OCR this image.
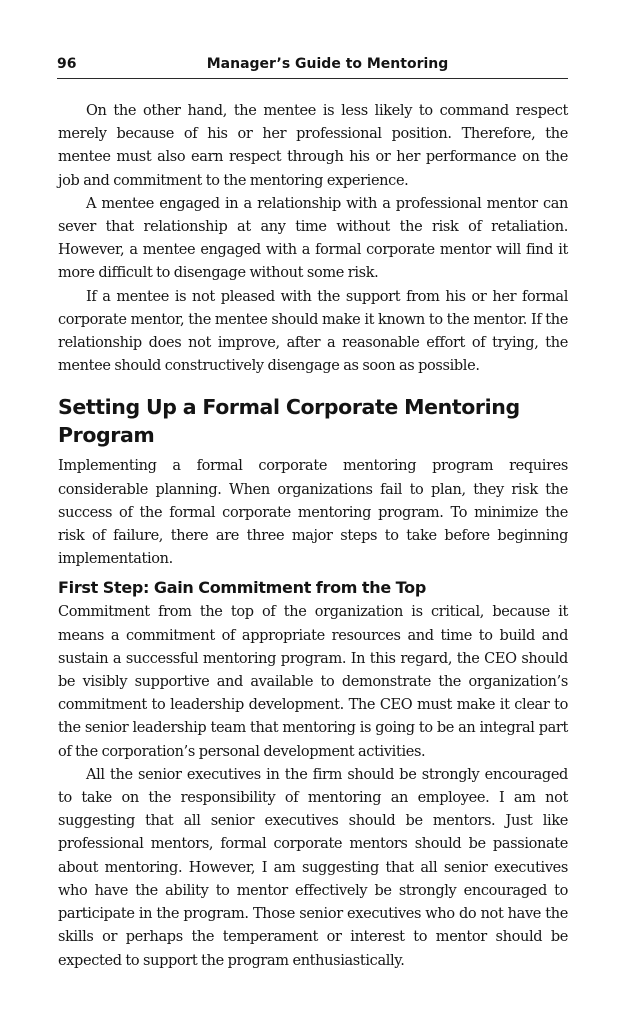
96	Manager’s Guide to Mentoring

On the other hand, the mentee is less likely to command respect merely because of his or her professional position. Therefore, the mentee must also earn respect through his or her performance on the job and commitment to the mentoring experience.

A mentee engaged in a relationship with a professional mentor can sever that relationship at any time without the risk of retaliation. However, a mentee engaged with a formal corporate mentor will find it more difficult to disengage without some risk.

If a mentee is not pleased with the support from his or her formal corporate mentor, the mentee should make it known to the mentor. If the relationship does not improve, after a reasonable effort of trying, the mentee should constructively disengage as soon as possible.

Setting Up a Formal Corporate Mentoring Program

Implementing a formal corporate mentoring program requires considerable planning. When organizations fail to plan, they risk the success of the formal corporate mentoring program. To minimize the risk of failure, there are three major steps to take before beginning implementation.

First Step: Gain Commitment from the Top

Commitment from the top of the organization is critical, because it means a commitment of appropriate resources and time to build and sustain a successful mentoring program. In this regard, the CEO should be visibly supportive and available to demonstrate the organization’s commitment to leadership development. The CEO must make it clear to the senior leadership team that mentoring is going to be an integral part of the corporation’s personal development activities.

All the senior executives in the firm should be strongly encouraged to take on the responsibility of mentoring an employee. I am not suggesting that all senior executives should be mentors. Just like professional mentors, formal corporate mentors should be passionate about mentoring. However, I am suggesting that all senior executives who have the ability to mentor effectively be strongly encouraged to participate in the program. Those senior executives who do not have the skills or perhaps the temperament or interest to mentor should be expected to support the program enthusiastically.
